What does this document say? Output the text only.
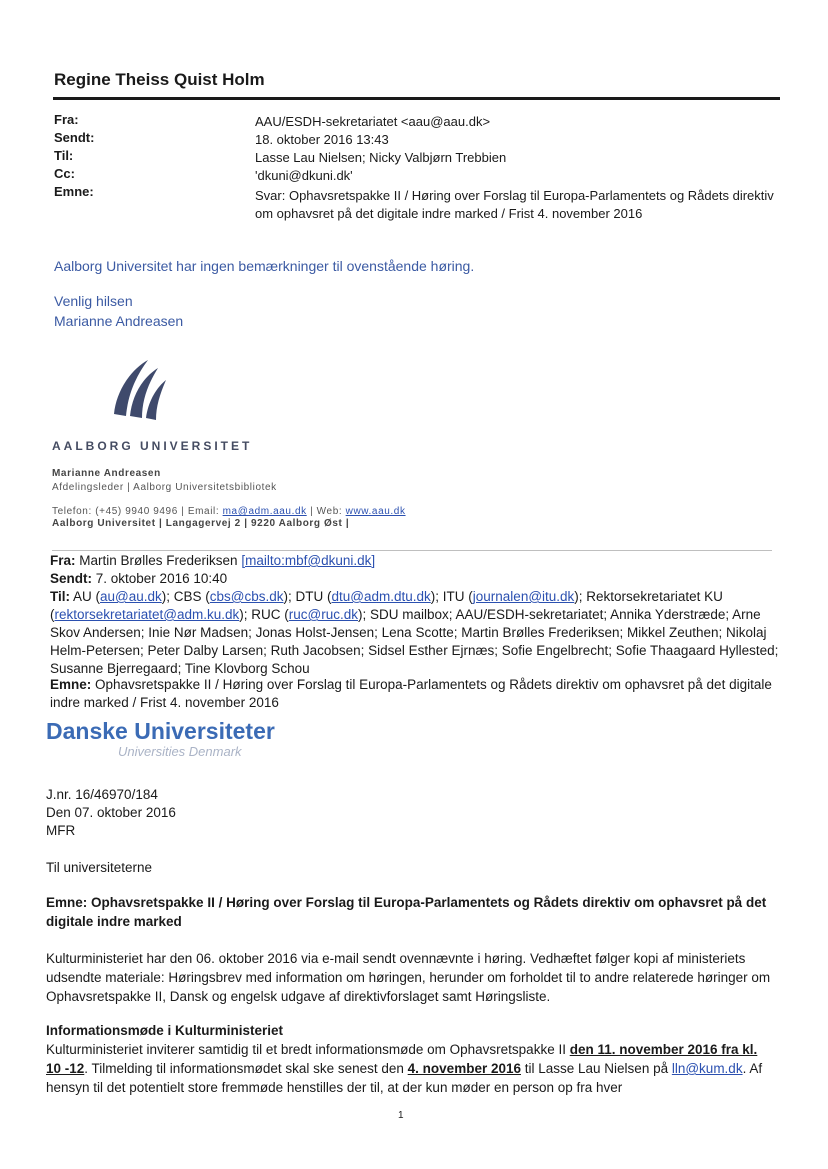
Regine Theiss Quist Holm
Fra:
Sendt:
Til:
Cc:
Emne:
AAU/ESDH-sekretariatet <aau@aau.dk>
18. oktober 2016 13:43
Lasse Lau Nielsen; Nicky Valbjørn Trebbien
'dkuni@dkuni.dk'
Svar: Ophavsretspakke II / Høring over Forslag til Europa-Parlamentets og Rådets direktiv om ophavsret på det digitale indre marked / Frist 4. november 2016
Aalborg Universitet har ingen bemærkninger til ovenstående høring.
Venlig hilsen
Marianne Andreasen
AALBORG UNIVERSITET
Marianne Andreasen
Afdelingsleder | Aalborg Universitetsbibliotek
Telefon: (+45) 9940 9496 | Email: ma@adm.aau.dk | Web: www.aau.dk
Aalborg Universitet | Langagervej 2 | 9220 Aalborg Øst |
Fra: Martin Brølles Frederiksen [mailto:mbf@dkuni.dk]
Sendt: 7. oktober 2016 10:40
Til: AU (au@au.dk); CBS (cbs@cbs.dk); DTU (dtu@adm.dtu.dk); ITU (journalen@itu.dk); Rektorsekretariatet KU (rektorsekretariatet@adm.ku.dk); RUC (ruc@ruc.dk); SDU mailbox; AAU/ESDH-sekretariatet; Annika Yderstræde; Arne Skov Andersen; Inie Nør Madsen; Jonas Holst-Jensen; Lena Scotte; Martin Brølles Frederiksen; Mikkel Zeuthen; Nikolaj Helm-Petersen; Peter Dalby Larsen; Ruth Jacobsen; Sidsel Esther Ejrnæs; Sofie Engelbrecht; Sofie Thaagaard Hyllested; Susanne Bjerregaard; Tine Klovborg Schou
Emne: Ophavsretspakke II / Høring over Forslag til Europa-Parlamentets og Rådets direktiv om ophavsret på det digitale indre marked / Frist 4. november 2016
Danske Universiteter
Universities Denmark
J.nr. 16/46970/184
Den 07. oktober 2016
MFR
Til universiteterne
Emne: Ophavsretspakke II / Høring over Forslag til Europa-Parlamentets og Rådets direktiv om ophavsret på det digitale indre marked
Kulturministeriet har den 06. oktober 2016 via e-mail sendt ovennævnte i høring. Vedhæftet følger kopi af ministeriets udsendte materiale: Høringsbrev med information om høringen, herunder om forholdet til to andre relaterede høringer om Ophavsretspakke II, Dansk og engelsk udgave af direktivforslaget samt Høringsliste.
Informationsmøde i Kulturministeriet
Kulturministeriet inviterer samtidig til et bredt informationsmøde om Ophavsretspakke II den 11. november 2016 fra kl. 10 -12. Tilmelding til informationsmødet skal ske senest den 4. november 2016 til Lasse Lau Nielsen på lln@kum.dk. Af hensyn til det potentielt store fremmøde henstilles der til, at der kun møder en person op fra hver
1
